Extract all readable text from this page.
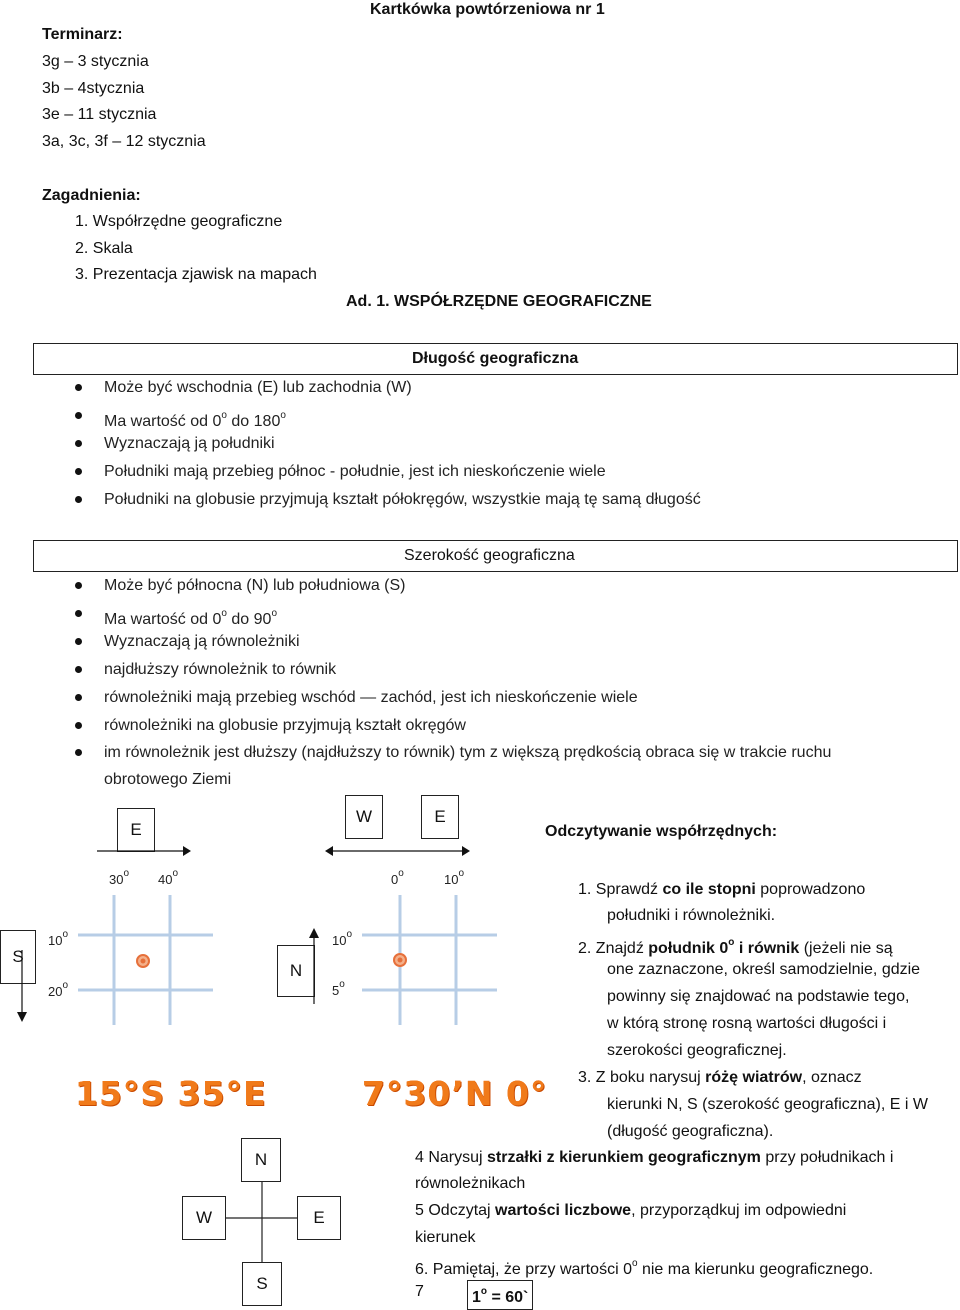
Kartkówka powtórzeniowa nr 1
Terminarz:
3g – 3 stycznia
3b – 4stycznia
3e – 11 stycznia
3a, 3c, 3f – 12 stycznia
Zagadnienia:
1. Współrzędne geograficzne
2. Skala
3. Prezentacja zjawisk na mapach
Ad. 1. WSPÓŁRZĘDNE GEOGRAFICZNE
Długość geograficzna
Może być wschodnia (E) lub zachodnia (W)
Ma wartość od 0$^o$ do 180$^o$
Wyznaczają ją południki
Południki mają przebieg północ - południe, jest ich nieskończenie wiele
Południki na globusie przyjmują kształt półokręgów, wszystkie mają tę samą długość
Szerokość geograficzna
Może być północna (N) lub południowa (S)
Ma wartość od 0$^o$ do 90$^o$
Wyznaczają ją równoleżniki
najdłuższy równoleżnik to równik
równoleżniki mają przebieg wschód — zachód, jest ich nieskończenie wiele
równoleżniki na globusie przyjmują kształt okręgów
im równoleżnik jest dłuższy (najdłuższy to równik) tym z większą prędkością obraca się w trakcie ruchu
obrotowego Ziemi
E
30$^o$ 40$^o$
10$^o$
20$^o$
S
15°S 35°E
W	E
0$^o$	10$^o$
10$^o$
5$^o$
N
7°30’N 0°
N
W	E
S
Odczytywanie współrzędnych:
1. Sprawdź co ile stopni poprowadzono
południki i równoleżniki.
2. Znajdź południk 0$^o$ i równik (jeżeli nie są
one zaznaczone, określ samodzielnie, gdzie
powinny się znajdować na podstawie tego,
w którą stronę rosną wartości długości i
szerokości geograficznej.
3. Z boku narysuj różę wiatrów, oznacz
kierunki N, S (szerokość geograficzna), E i W
(długość geograficzna).
4 Narysuj strzałki z kierunkiem geograficznym przy południkach i
równoleżnikach
5 Odczytaj wartości liczbowe, przyporządkuj im odpowiedni
kierunek
6. Pamiętaj, że przy wartości 0$^o$ nie ma kierunku geograficznego.
7	$1^o$ = 60`
